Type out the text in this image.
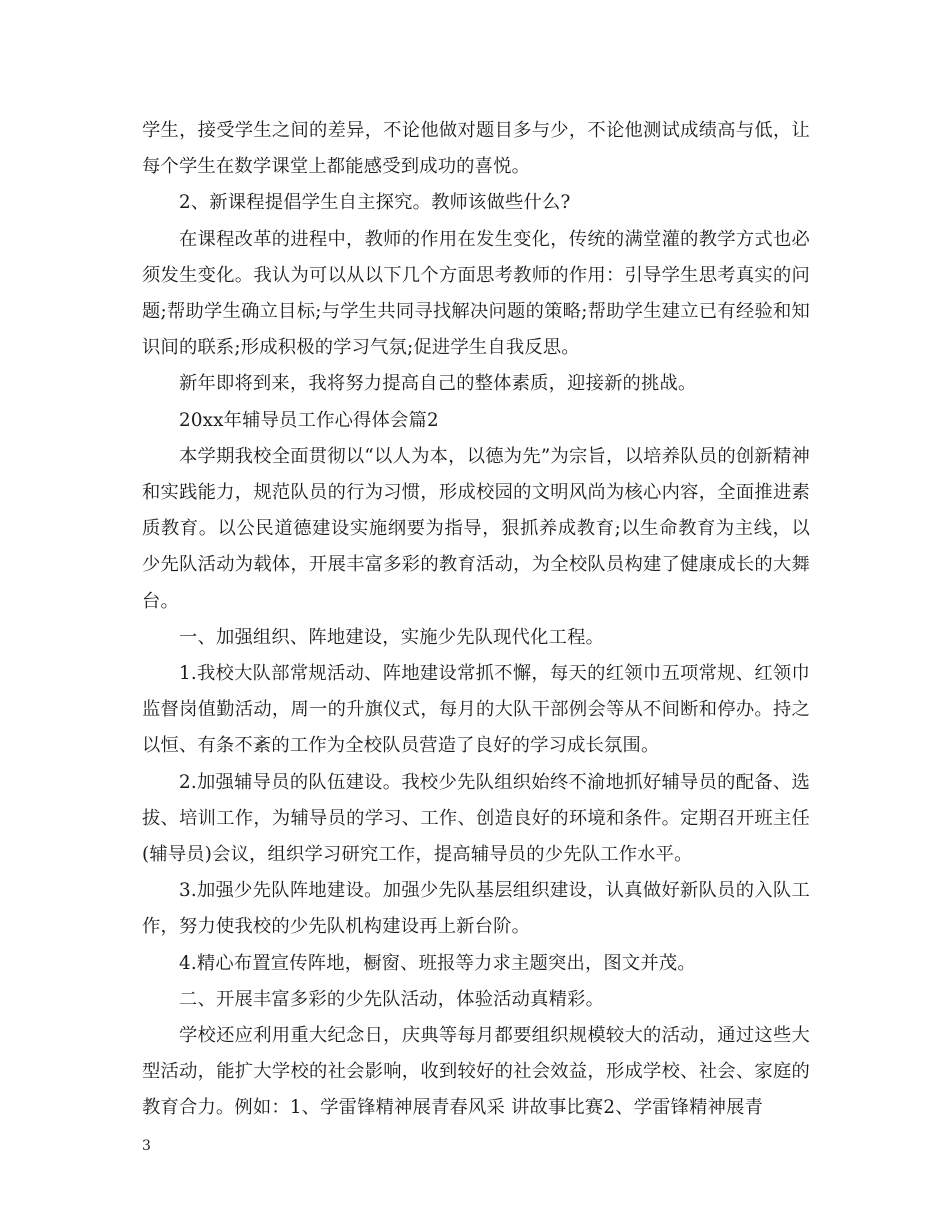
学生，接受学生之间的差异，不论他做对题目多与少，不论他测试成绩高与低，让每个学生在数学课堂上都能感受到成功的喜悦。

2、新课程提倡学生自主探究。教师该做些什么?

在课程改革的进程中，教师的作用在发生变化，传统的满堂灌的教学方式也必须发生变化。我认为可以从以下几个方面思考教师的作用：引导学生思考真实的问题;帮助学生确立目标;与学生共同寻找解决问题的策略;帮助学生建立已有经验和知识间的联系;形成积极的学习气氛;促进学生自我反思。

新年即将到来，我将努力提高自己的整体素质，迎接新的挑战。

20xx年辅导员工作心得体会篇2

本学期我校全面贯彻以“以人为本，以德为先”为宗旨，以培养队员的创新精神和实践能力，规范队员的行为习惯，形成校园的文明风尚为核心内容，全面推进素质教育。以公民道德建设实施纲要为指导，狠抓养成教育;以生命教育为主线，以少先队活动为载体，开展丰富多彩的教育活动，为全校队员构建了健康成长的大舞台。

一、加强组织、阵地建设，实施少先队现代化工程。

1.我校大队部常规活动、阵地建设常抓不懈，每天的红领巾五项常规、红领巾监督岗值勤活动，周一的升旗仪式，每月的大队干部例会等从不间断和停办。持之以恒、有条不紊的工作为全校队员营造了良好的学习成长氛围。

2.加强辅导员的队伍建设。我校少先队组织始终不渝地抓好辅导员的配备、选拔、培训工作，为辅导员的学习、工作、创造良好的环境和条件。定期召开班主任(辅导员)会议，组织学习研究工作，提高辅导员的少先队工作水平。

3.加强少先队阵地建设。加强少先队基层组织建设，认真做好新队员的入队工作，努力使我校的少先队机构建设再上新台阶。

4.精心布置宣传阵地，橱窗、班报等力求主题突出，图文并茂。

二、开展丰富多彩的少先队活动，体验活动真精彩。

学校还应利用重大纪念日，庆典等每月都要组织规模较大的活动，通过这些大型活动，能扩大学校的社会影响，收到较好的社会效益，形成学校、社会、家庭的教育合力。例如：1、学雷锋精神展青春风采 讲故事比赛2、学雷锋精神展青

3
